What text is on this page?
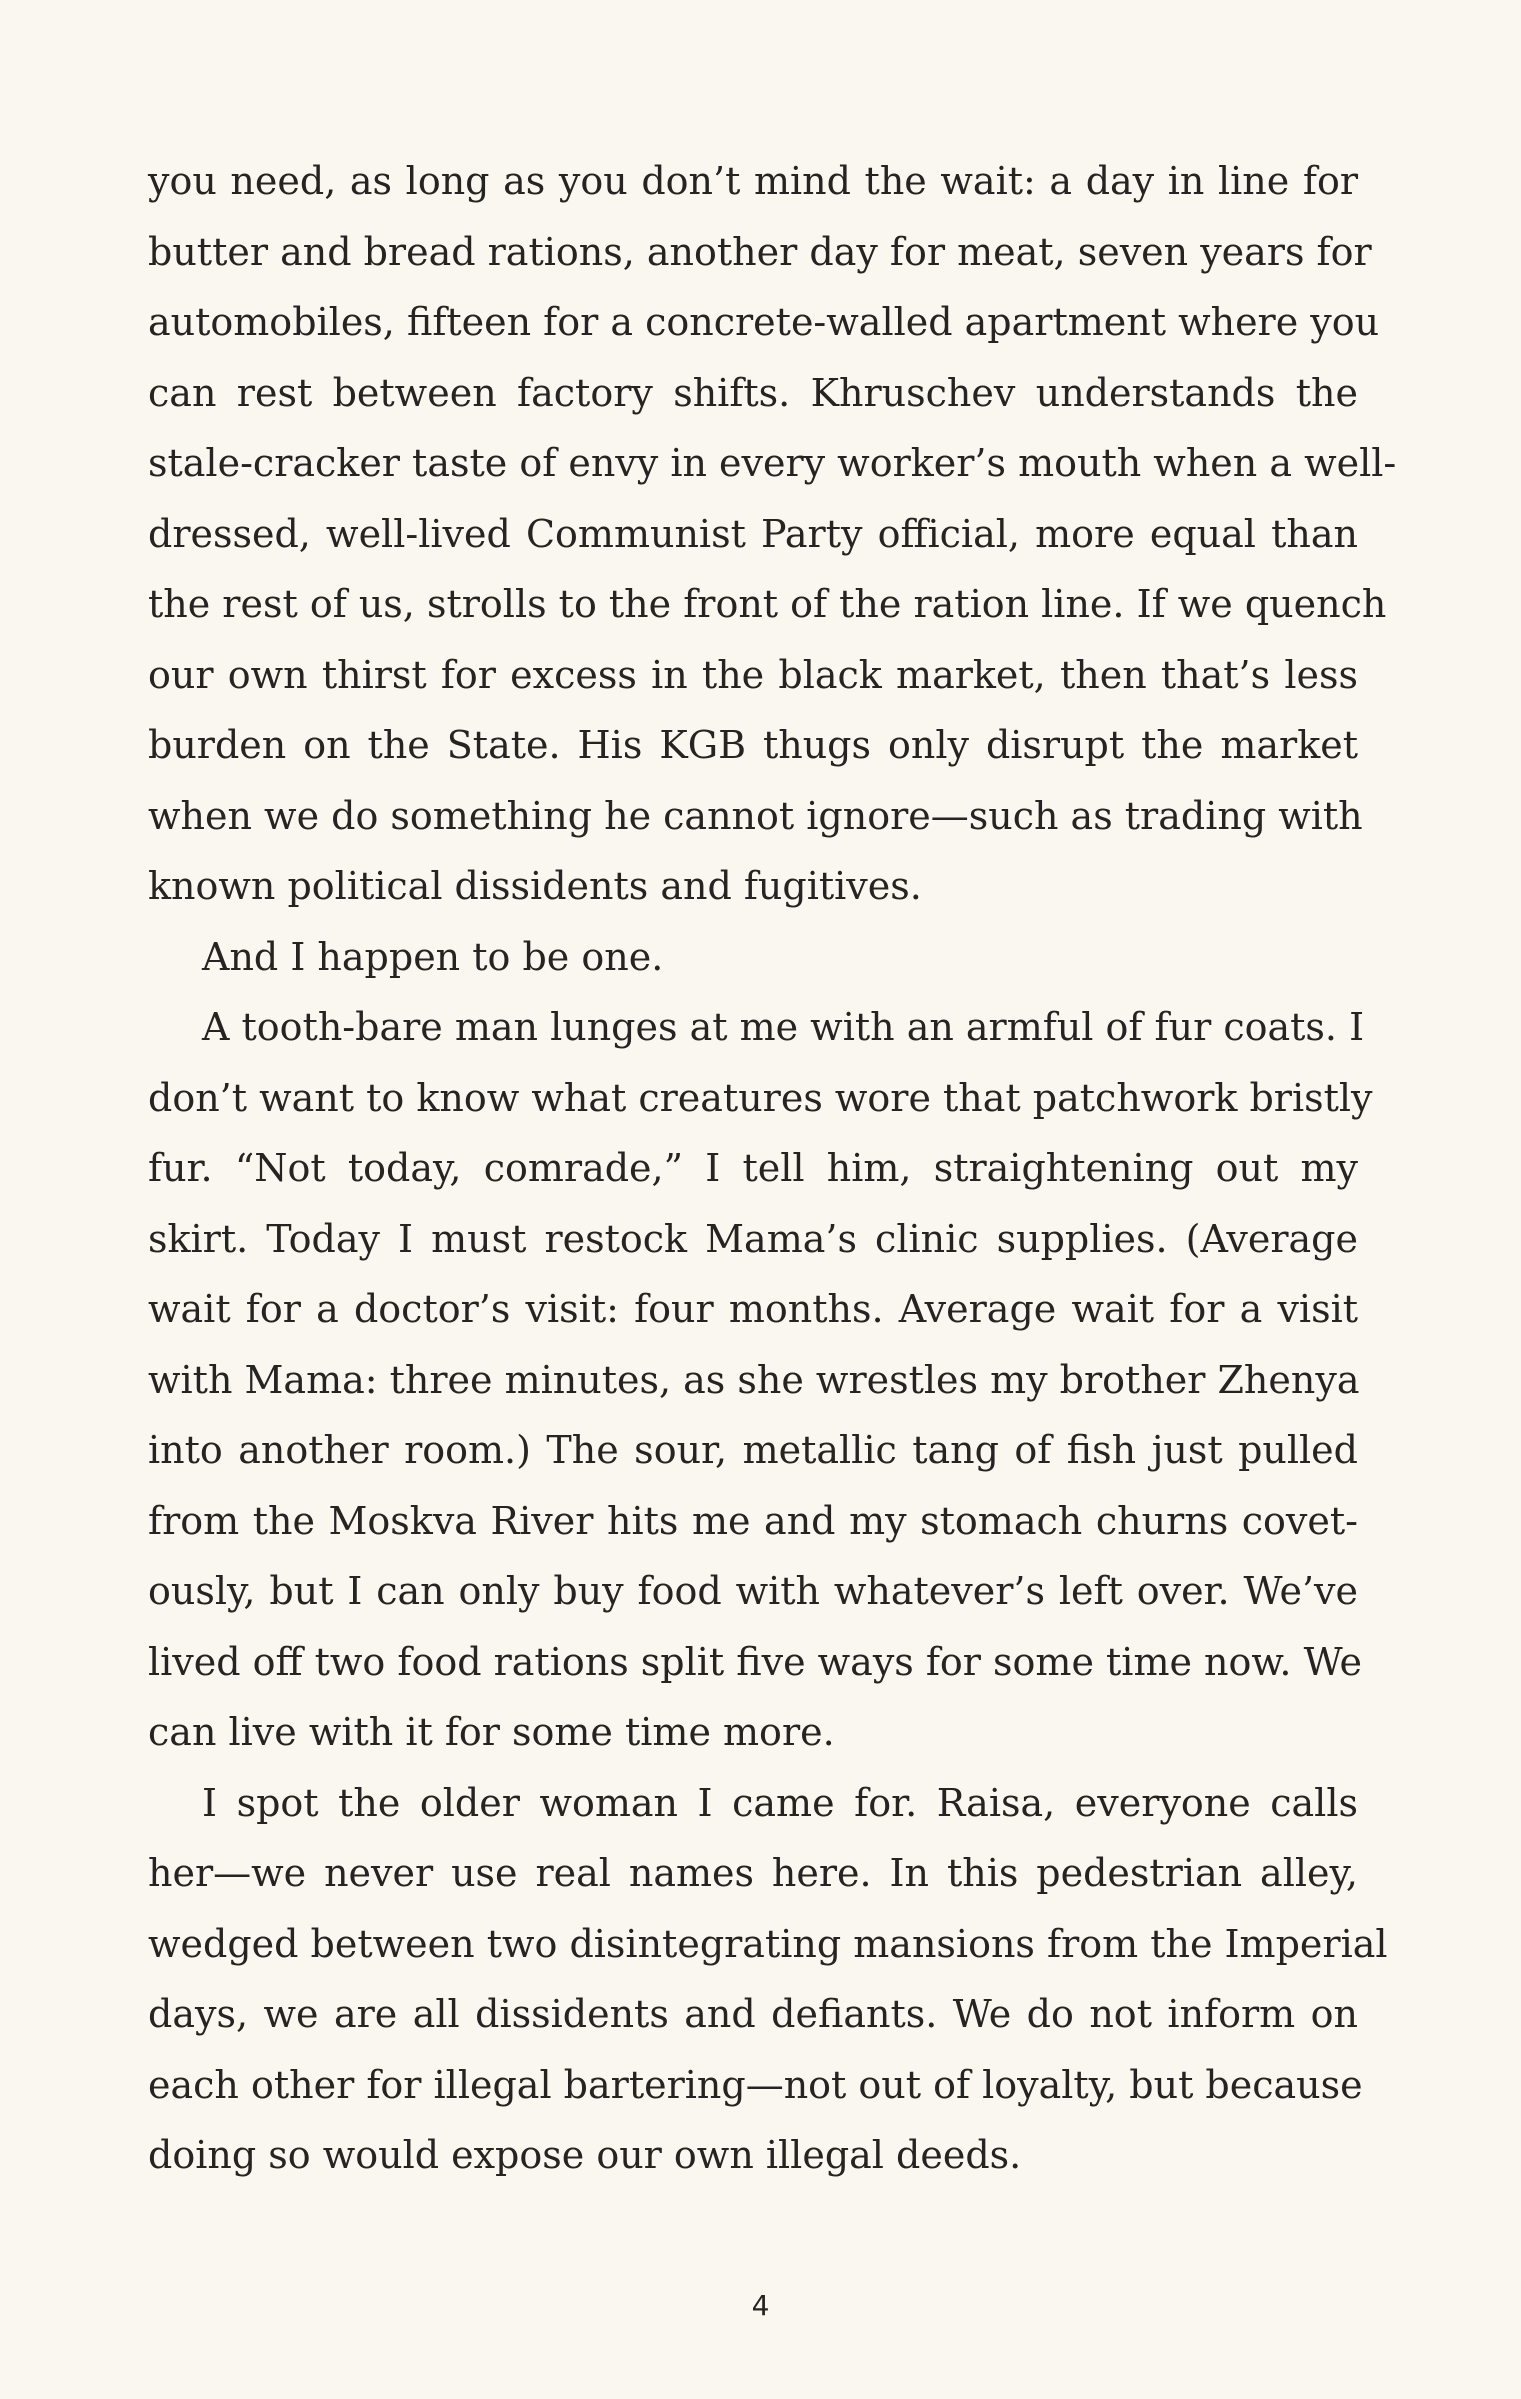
you need, as long as you don’t mind the wait: a day in line for
butter and bread rations, another day for meat, seven years for
automobiles, fifteen for a concrete-walled apartment where you
can rest between factory shifts. Khruschev understands the
stale-cracker taste of envy in every worker’s mouth when a well-
dressed, well-lived Communist Party official, more equal than
the rest of us, strolls to the front of the ration line. If we quench
our own thirst for excess in the black market, then that’s less
burden on the State. His KGB thugs only disrupt the market
when we do something he cannot ignore—such as trading with
known political dissidents and fugitives.
And I happen to be one.
A tooth-bare man lunges at me with an armful of fur coats. I
don’t want to know what creatures wore that patchwork bristly
fur. “Not today, comrade,” I tell him, straightening out my
skirt. Today I must restock Mama’s clinic supplies. (Average
wait for a doctor’s visit: four months. Average wait for a visit
with Mama: three minutes, as she wrestles my brother Zhenya
into another room.) The sour, metallic tang of fish just pulled
from the Moskva River hits me and my stomach churns covet-
ously, but I can only buy food with whatever’s left over. We’ve
lived off two food rations split five ways for some time now. We
can live with it for some time more.
I spot the older woman I came for. Raisa, everyone calls
her—we never use real names here. In this pedestrian alley,
wedged between two disintegrating mansions from the Imperial
days, we are all dissidents and defiants. We do not inform on
each other for illegal bartering—not out of loyalty, but because
doing so would expose our own illegal deeds.
4
